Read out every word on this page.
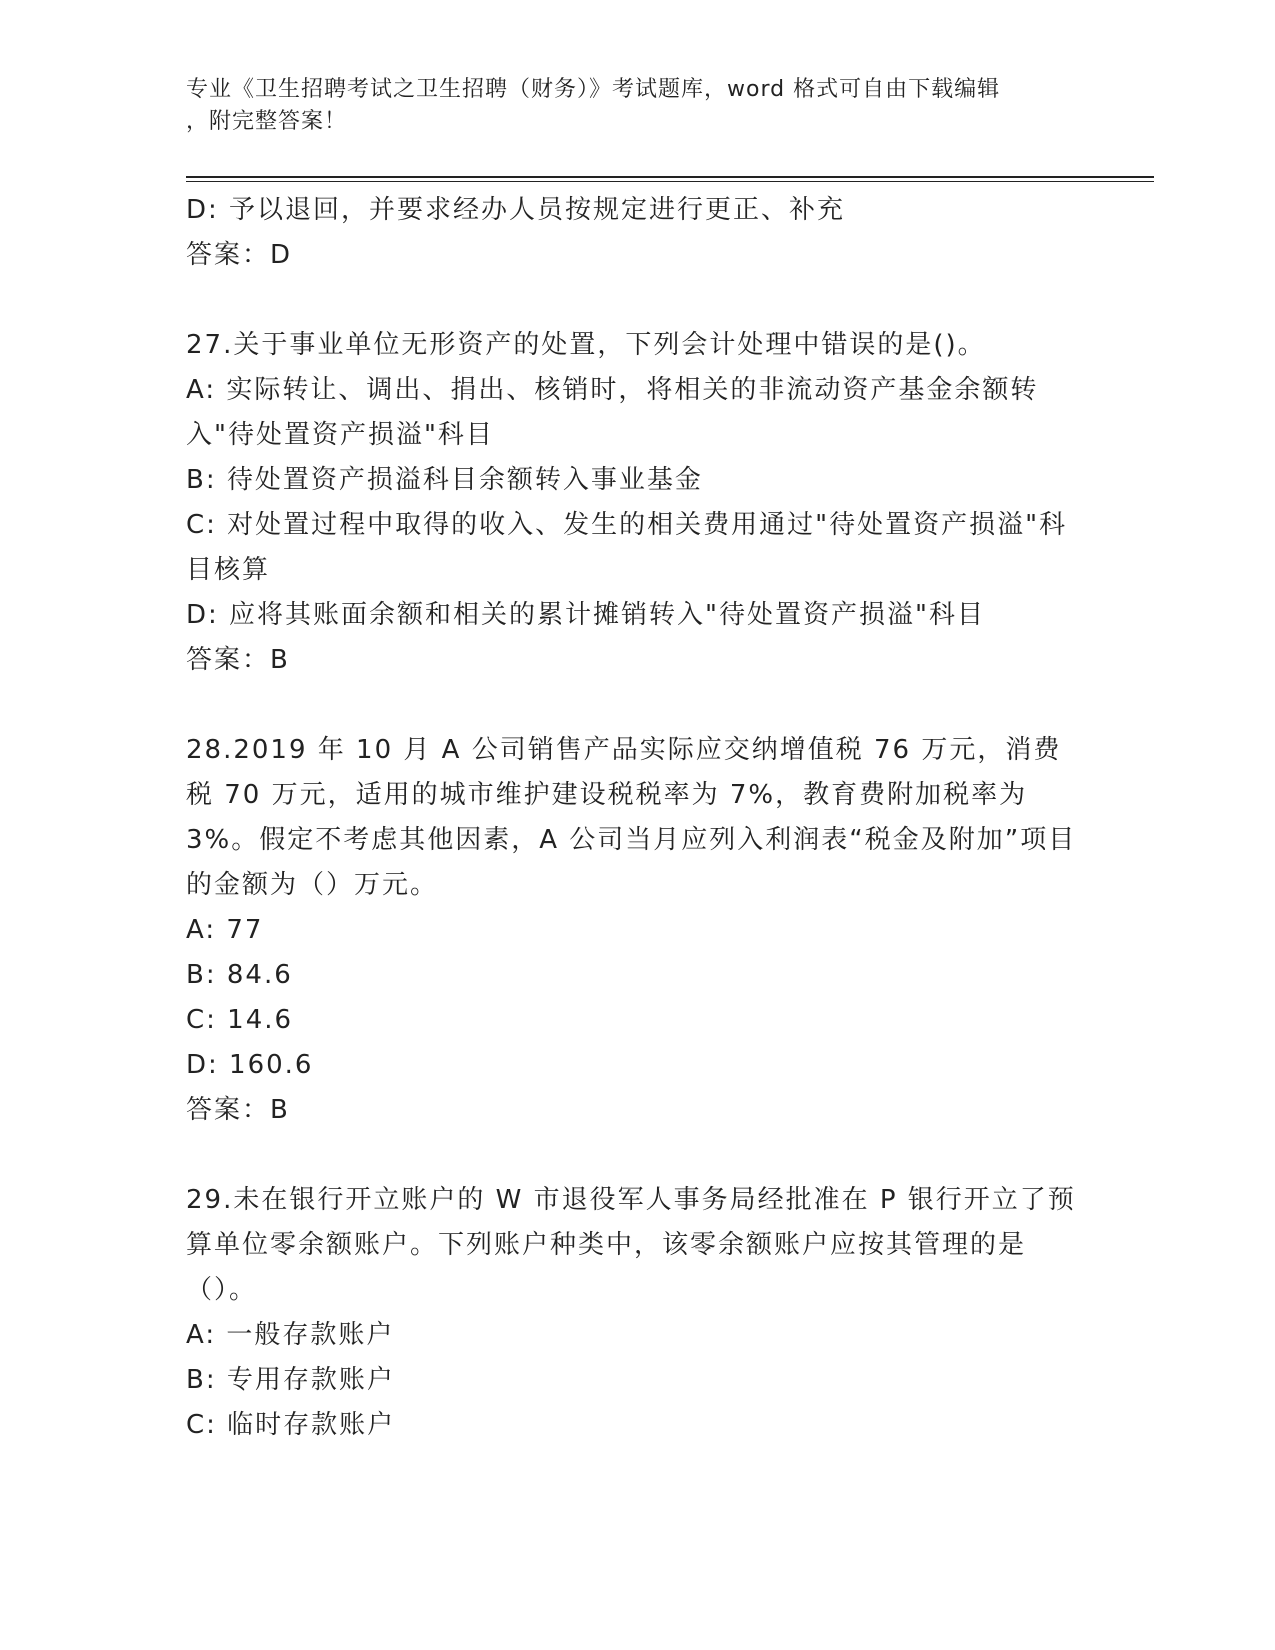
专业《卫生招聘考试之卫生招聘（财务）》考试题库，word 格式可自由下载编辑
，附完整答案！
D: 予以退回，并要求经办人员按规定进行更正、补充
答案：D
27.关于事业单位无形资产的处置，下列会计处理中错误的是()。
A: 实际转让、调出、捐出、核销时，将相关的非流动资产基金余额转入"待处置资产损溢"科目
B: 待处置资产损溢科目余额转入事业基金
C: 对处置过程中取得的收入、发生的相关费用通过"待处置资产损溢"科目核算
D: 应将其账面余额和相关的累计摊销转入"待处置资产损溢"科目
答案：B
28.2019 年 10 月 A 公司销售产品实际应交纳增值税 76 万元，消费税 70 万元，适用的城市维护建设税税率为 7%，教育费附加税率为 3%。假定不考虑其他因素，A 公司当月应列入利润表“税金及附加”项目的金额为（）万元。
A: 77
B: 84.6
C: 14.6
D: 160.6
答案：B
29.未在银行开立账户的 W 市退役军人事务局经批准在 P 银行开立了预算单位零余额账户。下列账户种类中，该零余额账户应按其管理的是（）。
A: 一般存款账户
B: 专用存款账户
C: 临时存款账户
